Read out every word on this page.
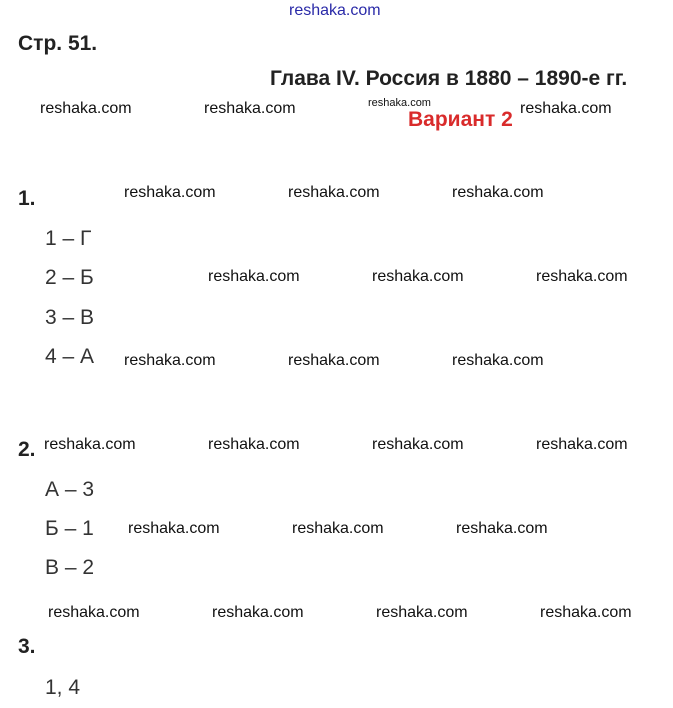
reshaka.com
Стр. 51.
Глава IV. Россия в 1880 – 1890-е гг.
reshaka.com	reshaka.com	reshaka.com	reshaka.com
Вариант 2
1.	reshaka.com	reshaka.com	reshaka.com
1 – Г
2 – Б	reshaka.com	reshaka.com	reshaka.com
3 – В
4 – А reshaka.com	reshaka.com	reshaka.com
2. reshaka.com	reshaka.com	reshaka.com	reshaka.com
А – 3
Б – 1 reshaka.com	reshaka.com	reshaka.com
В – 2
reshaka.com	reshaka.com	reshaka.com	reshaka.com
3.
1, 4
